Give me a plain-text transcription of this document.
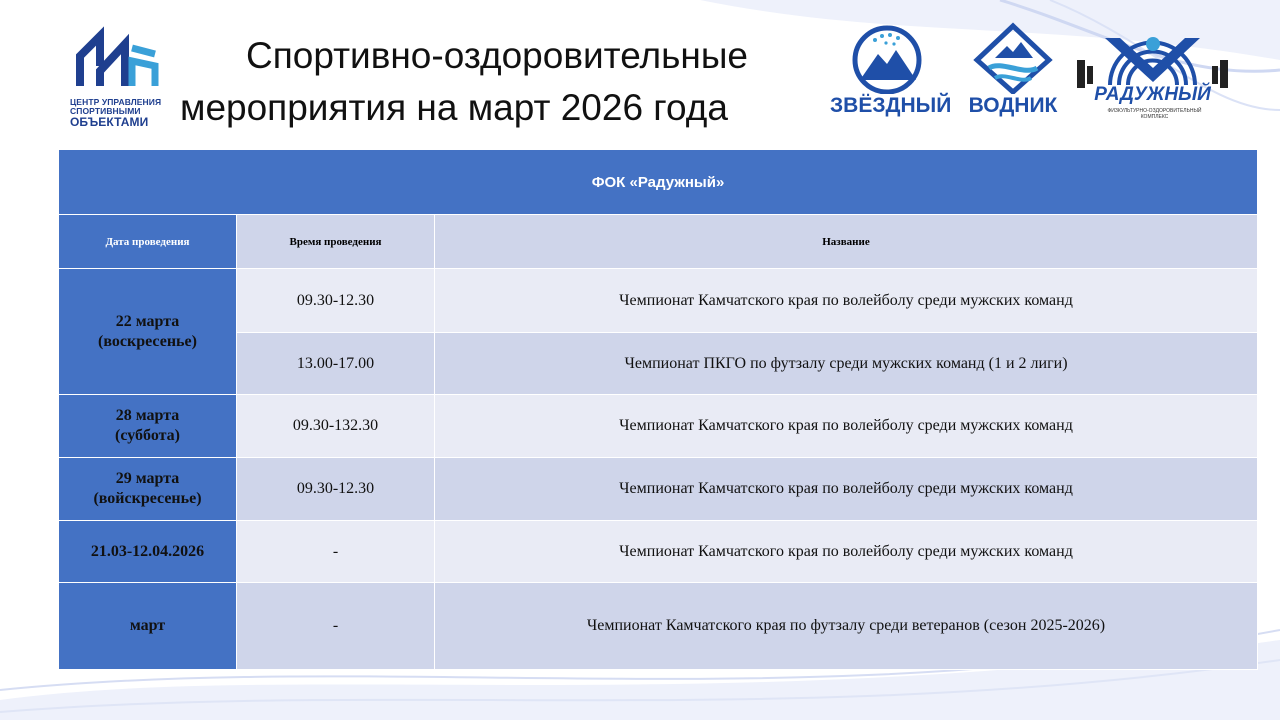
Спортивно-оздоровительные
мероприятия на март 2026 года
ЦЕНТР УПРАВЛЕНИЯ
СПОРТИВНЫМИ
ОБЪЕКТАМИ
ЗВЁЗДНЫЙ ВОДНИК	РАДУЖНЫЙ
ФИЗКУЛЬТУРНО-ОЗДОРОВИТЕЛЬНЫЙ КОМПЛЕКС
ФОК «Радужный»		
Дата проведения	Время проведения	Название

22 марта
(воскресенье)	09.30-12.30	Чемпионат Камчатского края по волейболу среди мужских команд
	13.00-17.00	Чемпионат ПКГО по футзалу среди мужских команд (1 и 2 лиги)

28 марта
(суббота)	09.30-132.30	Чемпионат Камчатского края по волейболу среди мужских команд

29 марта
(войскресенье)	09.30-12.30	Чемпионат Камчатского края по волейболу среди мужских команд

21.03-12.04.2026	-	Чемпионат Камчатского края по волейболу среди мужских команд

март	-	Чемпионат Камчатского края по футзалу среди ветеранов (сезон 2025-2026)
